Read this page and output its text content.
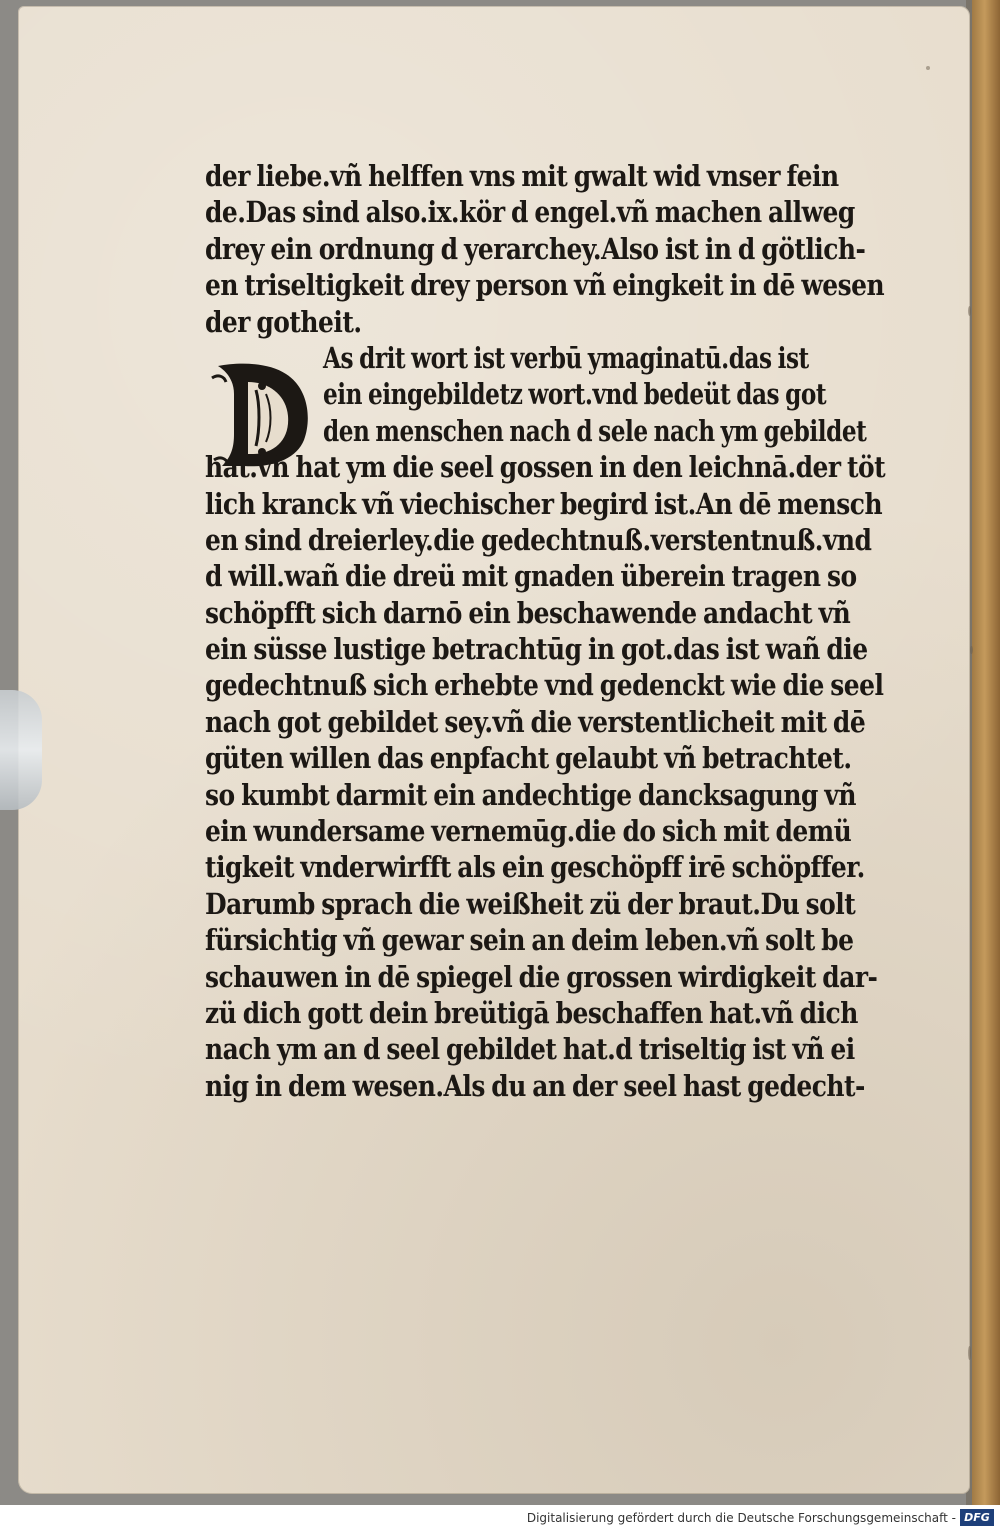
D
der liebe.vñ helffen vns mit gwalt wid vnser fein
de.Das sind also.ix.kör d engel.vñ machen allweg
drey ein ordnung d yerarchey.Also ist in d götlich-
en triseltigkeit drey person vñ eingkeit in dē wesen
der gotheit.
As drit wort ist verbū ymaginatū.das ist
ein eingebildetz wort.vnd bedeüt das got
den menschen nach d sele nach ym gebildet
hat.vñ hat ym die seel gossen in den leichnā.der töt
lich kranck vñ viechischer begird ist.An dē mensch
en sind dreierley.die gedechtnuß.verstentnuß.vnd
d will.wañ die dreü mit gnaden überein tragen so
schöpfft sich darnō ein beschawende andacht vñ
ein süsse lustige betrachtūg in got.das ist wañ die
gedechtnuß sich erhebte vnd gedenckt wie die seel
nach got gebildet sey.vñ die verstentlicheit mit dē
güten willen das enpfacht gelaubt vñ betrachtet.
so kumbt darmit ein andechtige dancksagung vñ
ein wundersame vernemūg.die do sich mit demü
tigkeit vnderwirfft als ein geschöpff irē schöpffer.
Darumb sprach die weißheit zü der braut.Du solt
fürsichtig vñ gewar sein an deim leben.vñ solt be
schauwen in dē spiegel die grossen wirdigkeit dar-
zü dich gott dein breütigā beschaffen hat.vñ dich
nach ym an d seel gebildet hat.d triseltig ist vñ ei
nig in dem wesen.Als du an der seel hast gedecht-
Digitalisierung gefördert durch die Deutsche Forschungsgemeinschaft - DFG
